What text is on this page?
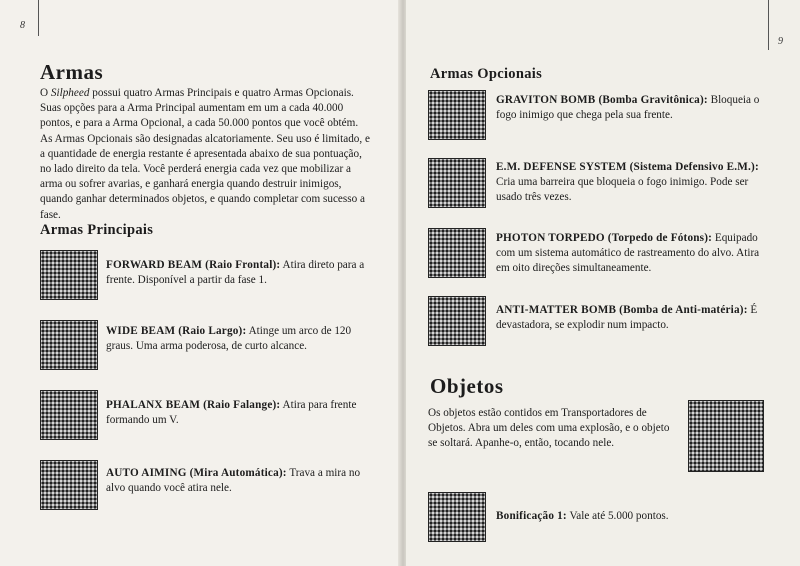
8
Armas

O Silpheed possui quatro Armas Principais e quatro Armas Opcionais. Suas opções para a Arma Principal aumentam em um a cada 40.000 pontos, e para a Arma Opcional, a cada 50.000 pontos que você obtém. As Armas Opcionais são designadas alcatoriamente. Seu uso é limitado, e a quantidade de energia restante é apresentada abaixo de sua pontuação, no lado direito da tela. Você perderá energia cada vez que mobilizar a arma ou sofrer avarias, e ganhará energia quando destruir inimigos, quando ganhar determinados objetos, e quando completar com sucesso a fase.

Armas Principais
FORWARD BEAM (Raio Frontal): Atira direto para a frente. Disponível a partir da fase 1.
WIDE BEAM (Raio Largo): Atinge um arco de 120 graus. Uma arma poderosa, de curto alcance.
PHALANX BEAM (Raio Falange): Atira para frente formando um V.
AUTO AIMING (Mira Automática): Trava a mira no alvo quando você atira nele.
9
Armas Opcionais
GRAVITON BOMB (Bomba Gravitônica): Bloqueia o fogo inimigo que chega pela sua frente.
E.M. DEFENSE SYSTEM (Sistema Defensivo E.M.): Cria uma barreira que bloqueia o fogo inimigo. Pode ser usado três vezes.
PHOTON TORPEDO (Torpedo de Fótons): Equipado com um sistema automático de rastreamento do alvo. Atira em oito direções simultaneamente.
ANTI-MATTER BOMB (Bomba de Anti-matéria): É devastadora, se explodir num impacto.
Objetos
Os objetos estão contidos em Transportadores de Objetos. Abra um deles com uma explosão, e o objeto se soltará. Apanhe-o, então, tocando nele.
Bonificação 1: Vale até 5.000 pontos.
